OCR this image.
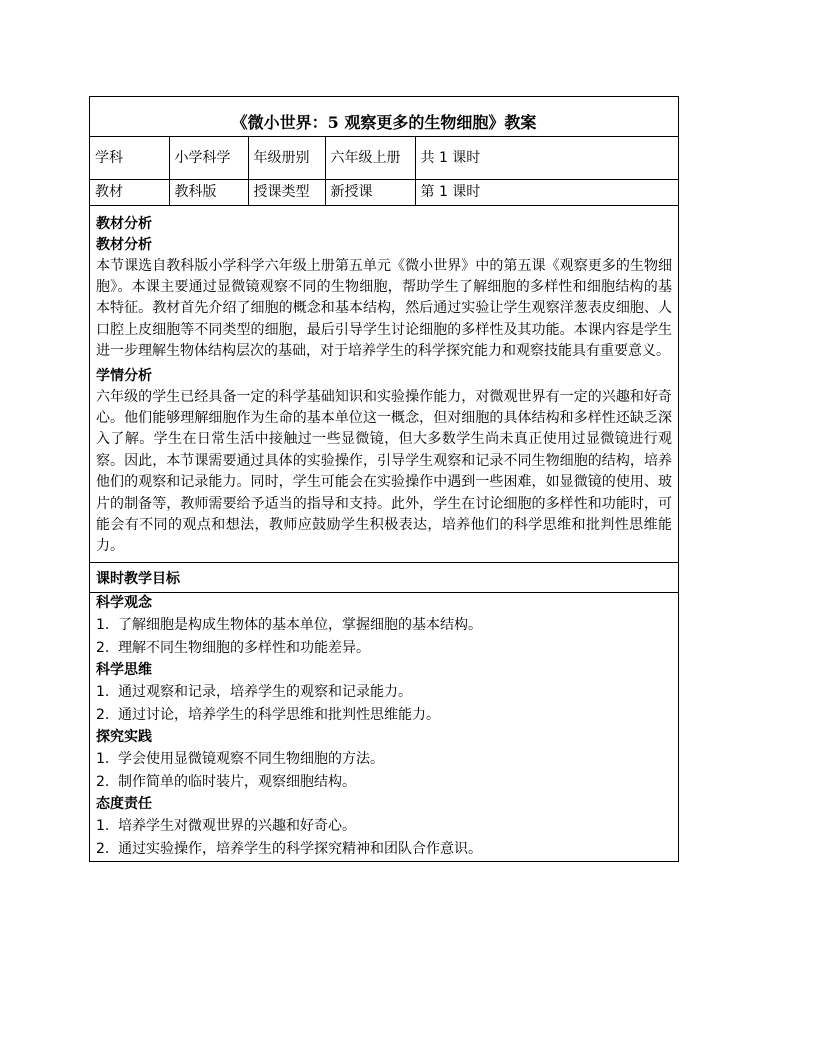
《微小世界：5 观察更多的生物细胞》教案
学科	小学科学	年级册别	六年级上册	共 1 课时
教材	教科版	授课类型	新授课	第 1 课时
教材分析
教材分析
本节课选自教科版小学科学六年级上册第五单元《微小世界》中的第五课《观察更多的生物细胞》。本课主要通过显微镜观察不同的生物细胞，帮助学生了解细胞的多样性和细胞结构的基本特征。教材首先介绍了细胞的概念和基本结构，然后通过实验让学生观察洋葱表皮细胞、人口腔上皮细胞等不同类型的细胞，最后引导学生讨论细胞的多样性及其功能。本课内容是学生进一步理解生物体结构层次的基础，对于培养学生的科学探究能力和观察技能具有重要意义。
学情分析
六年级的学生已经具备一定的科学基础知识和实验操作能力，对微观世界有一定的兴趣和好奇心。他们能够理解细胞作为生命的基本单位这一概念，但对细胞的具体结构和多样性还缺乏深入了解。学生在日常生活中接触过一些显微镜，但大多数学生尚未真正使用过显微镜进行观察。因此，本节课需要通过具体的实验操作，引导学生观察和记录不同生物细胞的结构，培养他们的观察和记录能力。同时，学生可能会在实验操作中遇到一些困难，如显微镜的使用、玻片的制备等，教师需要给予适当的指导和支持。此外，学生在讨论细胞的多样性和功能时，可能会有不同的观点和想法，教师应鼓励学生积极表达，培养他们的科学思维和批判性思维能力。
课时教学目标
科学观念
1. 了解细胞是构成生物体的基本单位，掌握细胞的基本结构。
2. 理解不同生物细胞的多样性和功能差异。
科学思维
1. 通过观察和记录，培养学生的观察和记录能力。
2. 通过讨论，培养学生的科学思维和批判性思维能力。
探究实践
1. 学会使用显微镜观察不同生物细胞的方法。
2. 制作简单的临时装片，观察细胞结构。
态度责任
1. 培养学生对微观世界的兴趣和好奇心。
2. 通过实验操作，培养学生的科学探究精神和团队合作意识。
